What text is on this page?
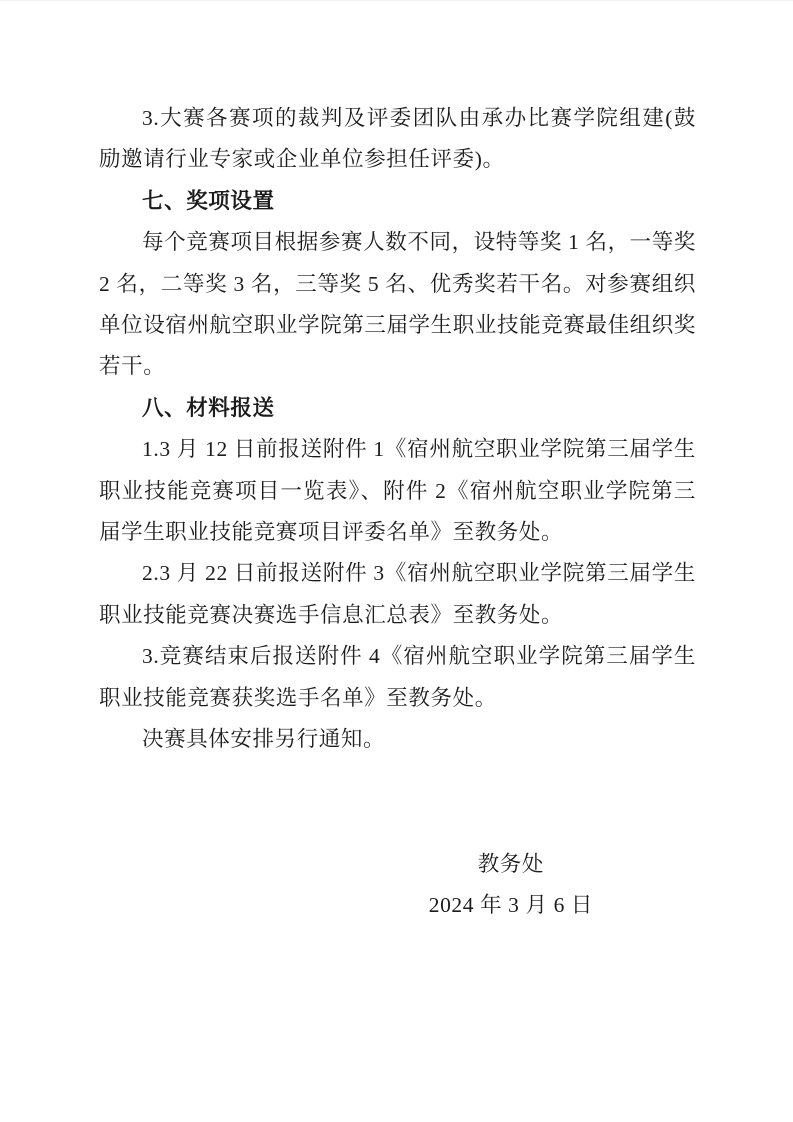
3.大赛各赛项的裁判及评委团队由承办比赛学院组建(鼓励邀请行业专家或企业单位参担任评委)。

七、奖项设置

每个竞赛项目根据参赛人数不同，设特等奖 1 名，一等奖 2 名，二等奖 3 名，三等奖 5 名、优秀奖若干名。对参赛组织单位设宿州航空职业学院第三届学生职业技能竞赛最佳组织奖若干。

八、材料报送

1.3 月 12 日前报送附件 1《宿州航空职业学院第三届学生职业技能竞赛项目一览表》、附件 2《宿州航空职业学院第三届学生职业技能竞赛项目评委名单》至教务处。

2.3 月 22 日前报送附件 3《宿州航空职业学院第三届学生职业技能竞赛决赛选手信息汇总表》至教务处。

3.竞赛结束后报送附件 4《宿州航空职业学院第三届学生职业技能竞赛获奖选手名单》至教务处。

决赛具体安排另行通知。

教务处
2024 年 3 月 6 日
